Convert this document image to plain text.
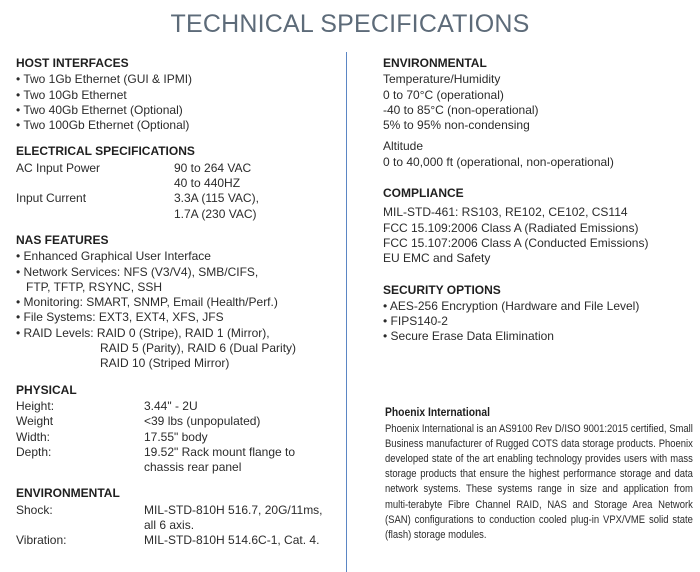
TECHNICAL SPECIFICATIONS
HOST INTERFACES
• Two 1Gb Ethernet (GUI & IPMI)
• Two 10Gb Ethernet
• Two 40Gb Ethernet (Optional)
• Two 100Gb Ethernet (Optional)
ELECTRICAL SPECIFICATIONS
AC Input Power	90 to 264 VAC
40 to 440HZ
Input Current	3.3A (115 VAC),
1.7A (230 VAC)
NAS FEATURES
• Enhanced Graphical User Interface
• Network Services: NFS (V3/V4), SMB/CIFS,
FTP, TFTP, RSYNC, SSH
• Monitoring: SMART, SNMP, Email (Health/Perf.)
• File Systems: EXT3, EXT4, XFS, JFS
• RAID Levels: RAID 0 (Stripe), RAID 1 (Mirror),
RAID 5 (Parity), RAID 6 (Dual Parity)
RAID 10 (Striped Mirror)
PHYSICAL
Height:	3.44" - 2U
Weight	<39 lbs (unpopulated)
Width:	17.55" body
Depth:	19.52" Rack mount flange to
chassis rear panel
ENVIRONMENTAL
Shock:	MIL-STD-810H 516.7, 20G/11ms,
all 6 axis.
Vibration:	MIL-STD-810H 514.6C-1, Cat. 4.
ENVIRONMENTAL
Temperature/Humidity
0 to 70°C (operational)
-40 to 85°C (non-operational)
5% to 95% non-condensing
Altitude
0 to 40,000 ft (operational, non-operational)
COMPLIANCE
MIL-STD-461: RS103, RE102, CE102, CS114
FCC 15.109:2006 Class A (Radiated Emissions)
FCC 15.107:2006 Class A (Conducted Emissions)
EU EMC and Safety
SECURITY OPTIONS
• AES-256 Encryption (Hardware and File Level)
• FIPS140-2
• Secure Erase Data Elimination
Phoenix International
Phoenix International is an AS9100 Rev D/ISO 9001:2015 certified, Small Business manufacturer of Rugged COTS data storage products. Phoenix developed state of the art enabling technology provides users with mass storage products that ensure the highest performance storage and data network systems. These systems range in size and application from multi-terabyte Fibre Channel RAID, NAS and Storage Area Network (SAN) configurations to conduction cooled plug-in VPX/VME solid state (flash) storage modules.
